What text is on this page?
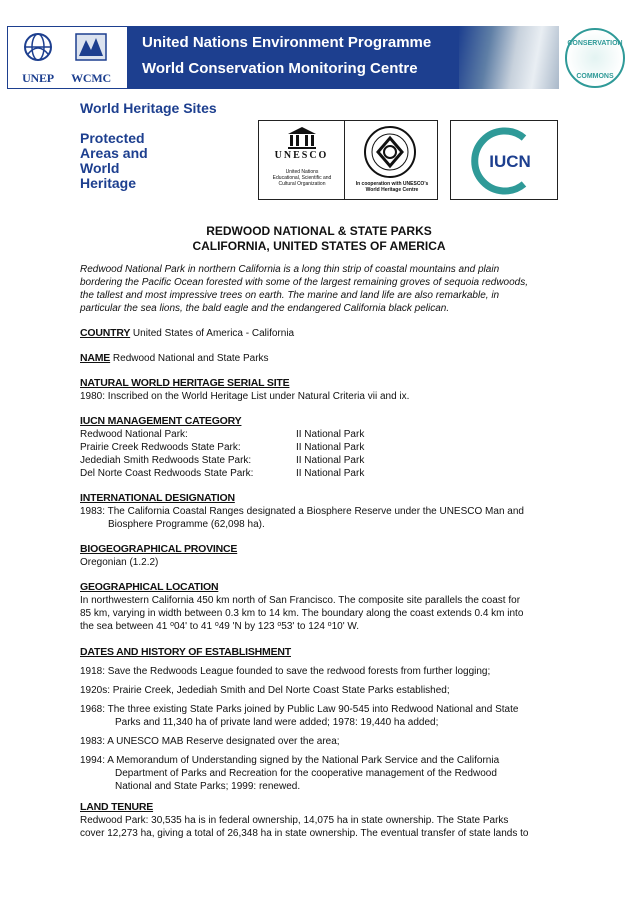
UNEP	WCMC
United Nations Environment Programme
World Conservation Monitoring Centre
CONSERVATION
COMMONS
World Heritage Sites
Protected
Areas and
World
Heritage
UNESCO
United Nations
Educational, Scientific and
Cultural Organization	In cooperation with UNESCO's
World Heritage Centre
IUCN
REDWOOD NATIONAL & STATE PARKS
CALIFORNIA, UNITED STATES OF AMERICA
Redwood National Park in northern California is a long thin strip of coastal mountains and plain
bordering the Pacific Ocean forested with some of the largest remaining groves of sequoia redwoods,
the tallest and most impressive trees on earth. The marine and land life are also remarkable, in
particular the sea lions, the bald eagle and the endangered California black pelican.
COUNTRY United States of America - California
NAME Redwood National and State Parks
NATURAL WORLD HERITAGE SERIAL SITE
1980: Inscribed on the World Heritage List under Natural Criteria vii and ix.
IUCN MANAGEMENT CATEGORY
Redwood National Park:	II National Park
Prairie Creek Redwoods State Park:	II National Park
Jedediah Smith Redwoods State Park:	II National Park
Del Norte Coast Redwoods State Park:	II National Park
INTERNATIONAL DESIGNATION
1983: The California Coastal Ranges designated a Biosphere Reserve under the UNESCO Man and
Biosphere Programme (62,098 ha).
BIOGEOGRAPHICAL PROVINCE
Oregonian (1.2.2)
GEOGRAPHICAL LOCATION
In northwestern California 450 km north of San Francisco. The composite site parallels the coast for
85 km, varying in width between 0.3 km to 14 km. The boundary along the coast extends 0.4 km into
the sea between 41 $^o$04' to 41 $^o$49 'N by 123 $^o$53' to 124 $^o$10' W.
DATES AND HISTORY OF ESTABLISHMENT
1918: Save the Redwoods League founded to save the redwood forests from further logging;
1920s: Prairie Creek, Jedediah Smith and Del Norte Coast State Parks established;
1968: The three existing State Parks joined by Public Law 90-545 into Redwood National and State
Parks and 11,340 ha of private land were added; 1978: 19,440 ha added;
1983: A UNESCO MAB Reserve designated over the area;
1994: A Memorandum of Understanding signed by the National Park Service and the California
Department of Parks and Recreation for the cooperative management of the Redwood
National and State Parks; 1999: renewed.
LAND TENURE
Redwood Park: 30,535 ha is in federal ownership, 14,075 ha in state ownership. The State Parks
cover 12,273 ha, giving a total of 26,348 ha in state ownership. The eventual transfer of state lands to
